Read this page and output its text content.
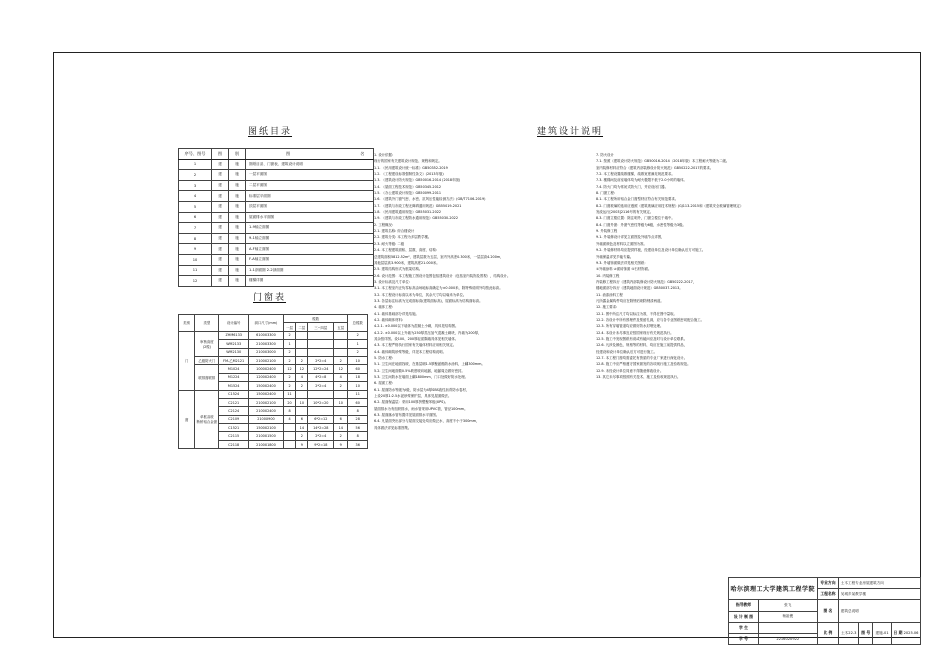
图纸目录
序号、图号	图	别	图 名
1	建	施	图纸目录、门窗表、建筑设计说明
2	建	施	一层平面图
3	建	施	二层平面图
4	建	施	标准层平面图
5	建	施	顶层平面图
6	建	施	屋面排水平面图
7	建	施	1-9轴立面图
8	建	施	9-1轴立面图
9	建	施	A-F轴立面图
10	建	施	F-A轴立面图
11	建	施	1-1剖面图 2-2剖面图
12	建	施	楼梯详图
门窗表
类别	类型	设计编号	洞口尺寸(mm)	樘数				总樘数
				一层	二层	三~四层	五层	
门	审核高度
(2樘)	ZHM6133	6100X3300	2				2
		WM2133	2100X3300	1				1
		WM2130	2100X3000	2				2
	乙级防火门	FM-乙M2121	2100X2100	2	2	2*2=4	2	10
	联排窗联排	M1024	1000X2400	12	12	12*2=24	12	60
		M1224	1200X2400	2	4	4*2=8	4	18
		M1524	1500X2400	2	2	2*2=4	2	10
窗	单框双玻
断桥铝合金窗	C1524	1500X2400	11				11
		C2121	2100X2100	20	10	10*2=20	10	60
		C2124	2100X2400	8				8
		C2109	2100X900	4	6	6*2=12	6	28
		C1521	1500X2100		14	14*2=28	14	56
		C2115	2100X1500		2	2*2=4	2	8
		C2118	2100X1800		9	9*2=18	9	36
建筑设计说明
1. 设计依据:
现行的国家有关建筑设计规范、规程和规定。
1.1. 《民用建筑设计统一标准》GB50352-2019
1.2. 《工程建设标准强制性条文》(2013年版)
1.3. 《建筑设计防火规范》GB50016-2014 (2018年版)
1.4. 《屋面工程技术规范》GB50345-2012
1.5. 《办公建筑设计规范》GB50099-2011
1.6. 《建筑外门窗气密、水密、抗风压性能检测方法》(GB/T7106-2019)
1.7. 《建筑与市政工程无障碍通用规范》GB55019-2021
1.8. 《民用建筑通用规范》GB55031-2022
1.9. 《建筑与市政工程防水通用规范》GB55030-2022
2. 工程概况:
2.1. 建筑名称: 综合楼设计
2.2. 建筑分类: 本工程为多层教学楼。
2.3. 耐火等级: 二级
2.4. 本工程建筑面积、层数、高度、结构:
总建筑面积5812.52m²，建筑层数为五层，室内外高差0.300米，一层层高4.200m，
其他层层高3.900米，建筑高度21.000米。
2.5. 建筑结构形式为框架结构。
2.6. 设计范围：本工程施工图设计范围包括建筑设计（包括室内装饰及景观），结构设计。
3. 设计标高及尺寸单位:
3.1. 本工程室内正负零标高由场地标高确定为±0.000米，除特殊说明外均按此标高。
3.2. 本工程设计标高以米为单位，其余尺寸均以毫米为单位。
3.3. 各层标注标高为完成面标高(建筑面标高)，屋面标高为结构面标高。
4. 墙体工程:
4.1. 墙体基础部分详见结施。
4.2. 墙体砌体材料:
4.2.1. ±0.000以下墙体为混凝土小砌，具体见结构图。
4.2.2. ±0.000以上外墙为250厚蒸压加气混凝土砌块，内墙为200厚，
其余按详图。设100、200厚轻质隔墙具体见相关墙体。
4.3. 本工程严格执行国家有关墙体材料应用相关规定。
4.4. 墙体砌筑砂浆等级，详见本工程结构说明。
5. 防水工程:
5.1. 卫生间在地面找坡，在基层刷1.5厚聚氨酯防水涂料，上翻300mm。
5.2. 卫生间地面做0.5%坡度坡向地漏，地漏周边做好密封。
5.3. 卫生间防水在墙面上翻1800mm，门口处做好防水处理。
6. 屋面工程:
6.1. 屋面防水等级为I级，防水层为4厚SBS改性沥青防水卷材，
上设20厚1:2.5水泥砂浆保护层，具体见屋面做法。
6.2. 屋面保温层：采用100厚挤塑聚苯板(XPS)。
屋面排水为有组织排水，雨水管采用UPVC管，管径100mm。
6.3. 屋面落水管布置详见屋面排水平面图。
6.4. 凡屋面突出部分与屋面交接处均应做泛水，高度不小于300mm，
具体做法详见标准图集。
7. 防火设计
7.1. 按照《建筑设计防火规范》GB50016-2014（2018年版）本工程耐火等级为二级。
室内装修材料应符合《建筑内部装修设计防火规范》GB50222-2017的要求。
7.2. 本工程设置疏散楼梯，疏散宽度满足规范要求。
7.3. 楼梯间及前室墙体均为耐火极限不低于2.0小时的墙体。
7.4. 防火门均为常闭式防火门，并应设闭门器。
8. 门窗工程:
8.1. 本工程所用铝合金门窗型材应符合有关规范要求。
8.2. 门窗玻璃的选用应遵照《建筑玻璃应用技术规程》JGJ113-2015和《建筑安全玻璃管理规定》
发改运行[2003]2116号的有关规定。
8.3. 门窗立樘位置：除注明外，门窗立樘位于墙中。
8.4. 门窗外窗：外窗气密性等级为6级，水密性等级为3级。
9. 外装修工程
9.1. 外装修设计详见立面图及外墙节点详图，
外墙面颜色及材料以立面图为准。
9.2. 外装修材料均应提供样板，经建设单位及设计单位确认后方可施工。
外墙保温详见节能专篇。
9.3. 外墙饰面做法详见相关图纸：
①外墙涂料 ②面砖饰面 ③石材饰面。
10. 内装修工程
内装修工程执行《建筑内部装修设计防火规范》GB50222-2017，
楼地面部分执行《建筑地面设计规范》GB50037-2013。
11. 油漆涂料工程
凡所露金属构件均应在除锈后刷防锈漆两道。
12. 施工要求:
12.1. 图中所注尺寸均以标注为准，不得在图中量取。
12.2. 各设计中所有预埋件及预留孔洞，应与各专业图纸密切配合施工。
12.3. 所有穿墙管道均应做好防水封堵处理。
12.4. 本设计未尽事宜应按国家现行有关规范执行。
12.5. 施工中发现图纸有误或有疑问应及时与设计单位联系。
12.6. 凡涉及颜色、规格等的材料，均应在施工前提供样品，
经建设和设计单位确认后方可进行施工。
12.7. 本工程门窗均需委托有资质的专业厂家进行深化设计。
12.8. 施工中应严格遵守国家颁发的各项现行施工及验收规范。
12.9. 未经设计单位同意不得随意修改设计。
13. 其它未尽事项按照有关技术、施工及验收规范执行。
哈尔滨理工大学建筑工程学院		专业方向	土木工程专业房屋建筑方向			
		工程名称	吴城乡某教学楼			
指导教师	张飞	图 名	建筑总说明			
设 计 制 图	杨祖俊					
学 生		比 例	土木22-3	图 号	建施-01	日 期 2025.06
学 号	2216020922					
